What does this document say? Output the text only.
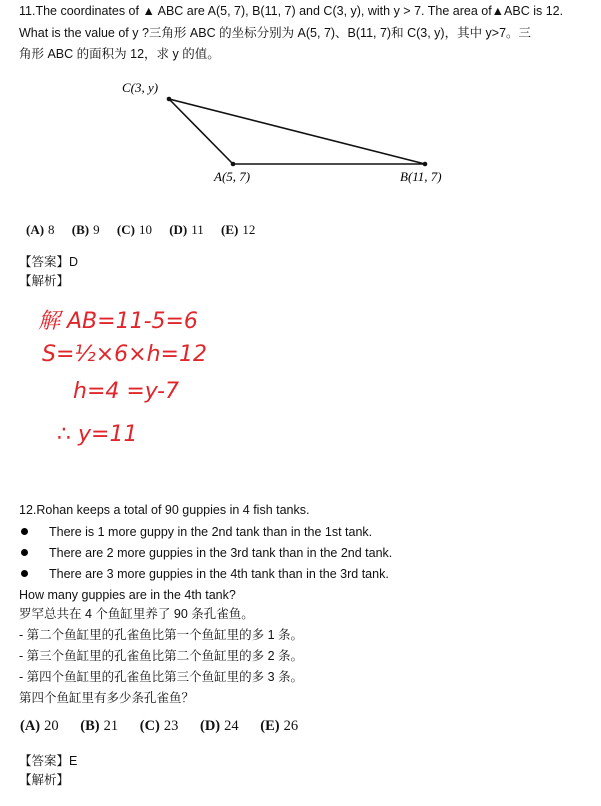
11.The coordinates of ▲ ABC are A(5, 7), B(11, 7) and C(3, y), with y > 7. The area of▲ABC is 12.
What is the value of y ?三角形 ABC 的坐标分别为 A(5, 7)、B(11, 7)和 C(3, y)，其中 y>7。三
角形 ABC 的面积为 12，求 y 的值。
C(3, y)
A(5, 7)	B(11, 7)
(A) 8 (B) 9 (C) 10 (D) 11 (E) 12
【答案】D
【解析】
解 AB=11-5=6
S=½×6×h=12
h=4 =y-7
∴ y=11
12.Rohan keeps a total of 90 guppies in 4 fish tanks.
There is 1 more guppy in the 2nd tank than in the 1st tank.
There are 2 more guppies in the 3rd tank than in the 2nd tank.
There are 3 more guppies in the 4th tank than in the 3rd tank.
How many guppies are in the 4th tank?
罗罕总共在 4 个鱼缸里养了 90 条孔雀鱼。
- 第二个鱼缸里的孔雀鱼比第一个鱼缸里的多 1 条。
- 第三个鱼缸里的孔雀鱼比第二个鱼缸里的多 2 条。
- 第四个鱼缸里的孔雀鱼比第三个鱼缸里的多 3 条。
第四个鱼缸里有多少条孔雀鱼？
(A) 20 (B) 21 (C) 23 (D) 24 (E) 26
【答案】E
【解析】
